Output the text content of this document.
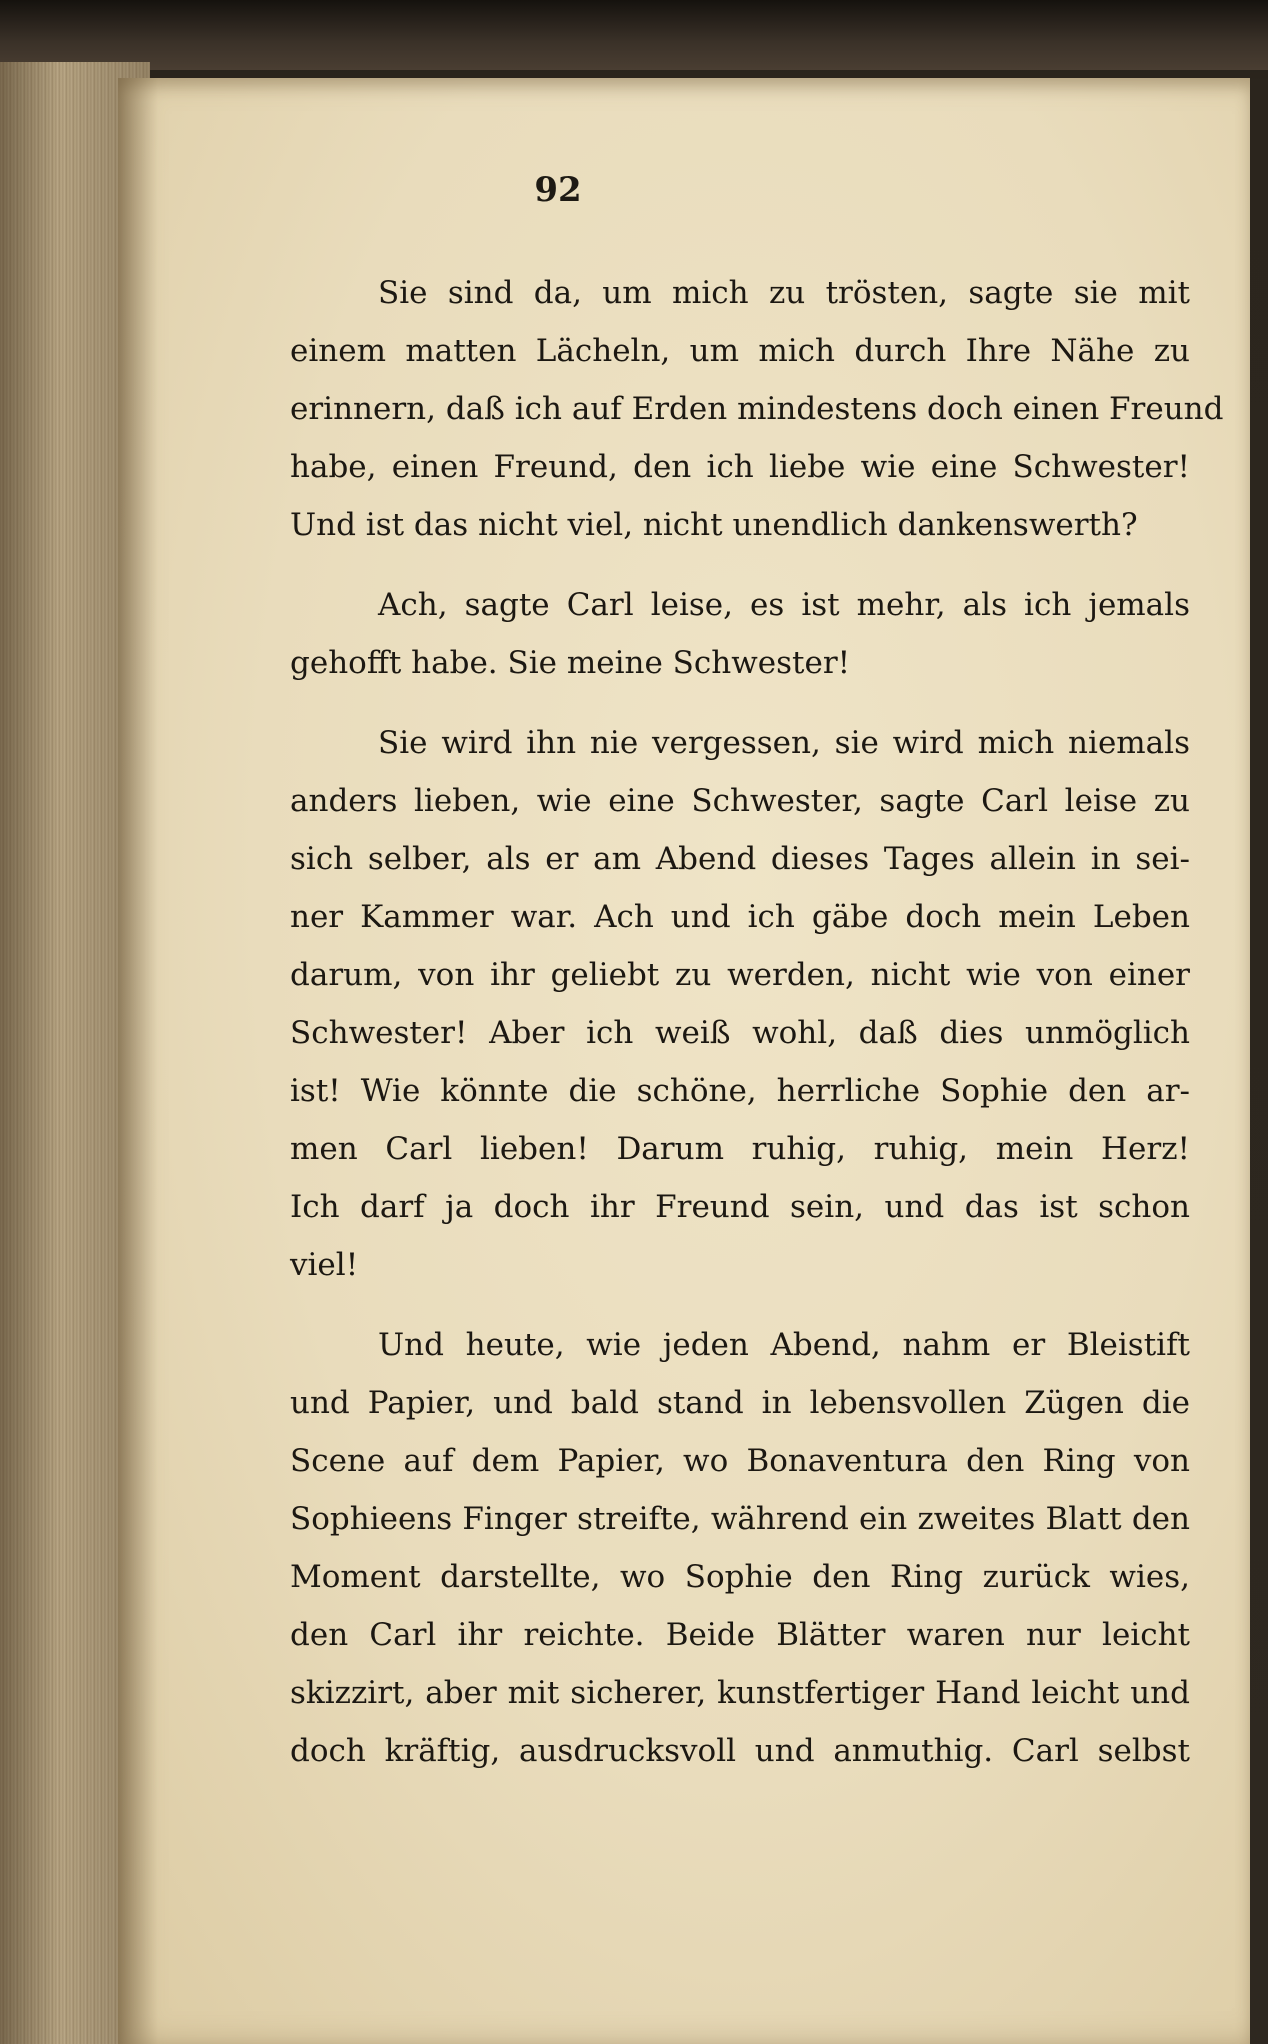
92
Sie sind da, um mich zu trösten, sagte sie mit
einem matten Lächeln, um mich durch Ihre Nähe zu
erinnern, daß ich auf Erden mindestens doch einen Freund
habe, einen Freund, den ich liebe wie eine Schwester!
Und ist das nicht viel, nicht unendlich dankenswerth?
Ach, sagte Carl leise, es ist mehr, als ich jemals
gehofft habe. Sie meine Schwester!
Sie wird ihn nie vergessen, sie wird mich niemals
anders lieben, wie eine Schwester, sagte Carl leise zu
sich selber, als er am Abend dieses Tages allein in sei-
ner Kammer war. Ach und ich gäbe doch mein Leben
darum, von ihr geliebt zu werden, nicht wie von einer
Schwester! Aber ich weiß wohl, daß dies unmöglich
ist! Wie könnte die schöne, herrliche Sophie den ar-
men Carl lieben! Darum ruhig, ruhig, mein Herz!
Ich darf ja doch ihr Freund sein, und das ist schon
viel!
Und heute, wie jeden Abend, nahm er Bleistift
und Papier, und bald stand in lebensvollen Zügen die
Scene auf dem Papier, wo Bonaventura den Ring von
Sophieens Finger streifte, während ein zweites Blatt den
Moment darstellte, wo Sophie den Ring zurück wies,
den Carl ihr reichte. Beide Blätter waren nur leicht
skizzirt, aber mit sicherer, kunstfertiger Hand leicht und
doch kräftig, ausdrucksvoll und anmuthig. Carl selbst
